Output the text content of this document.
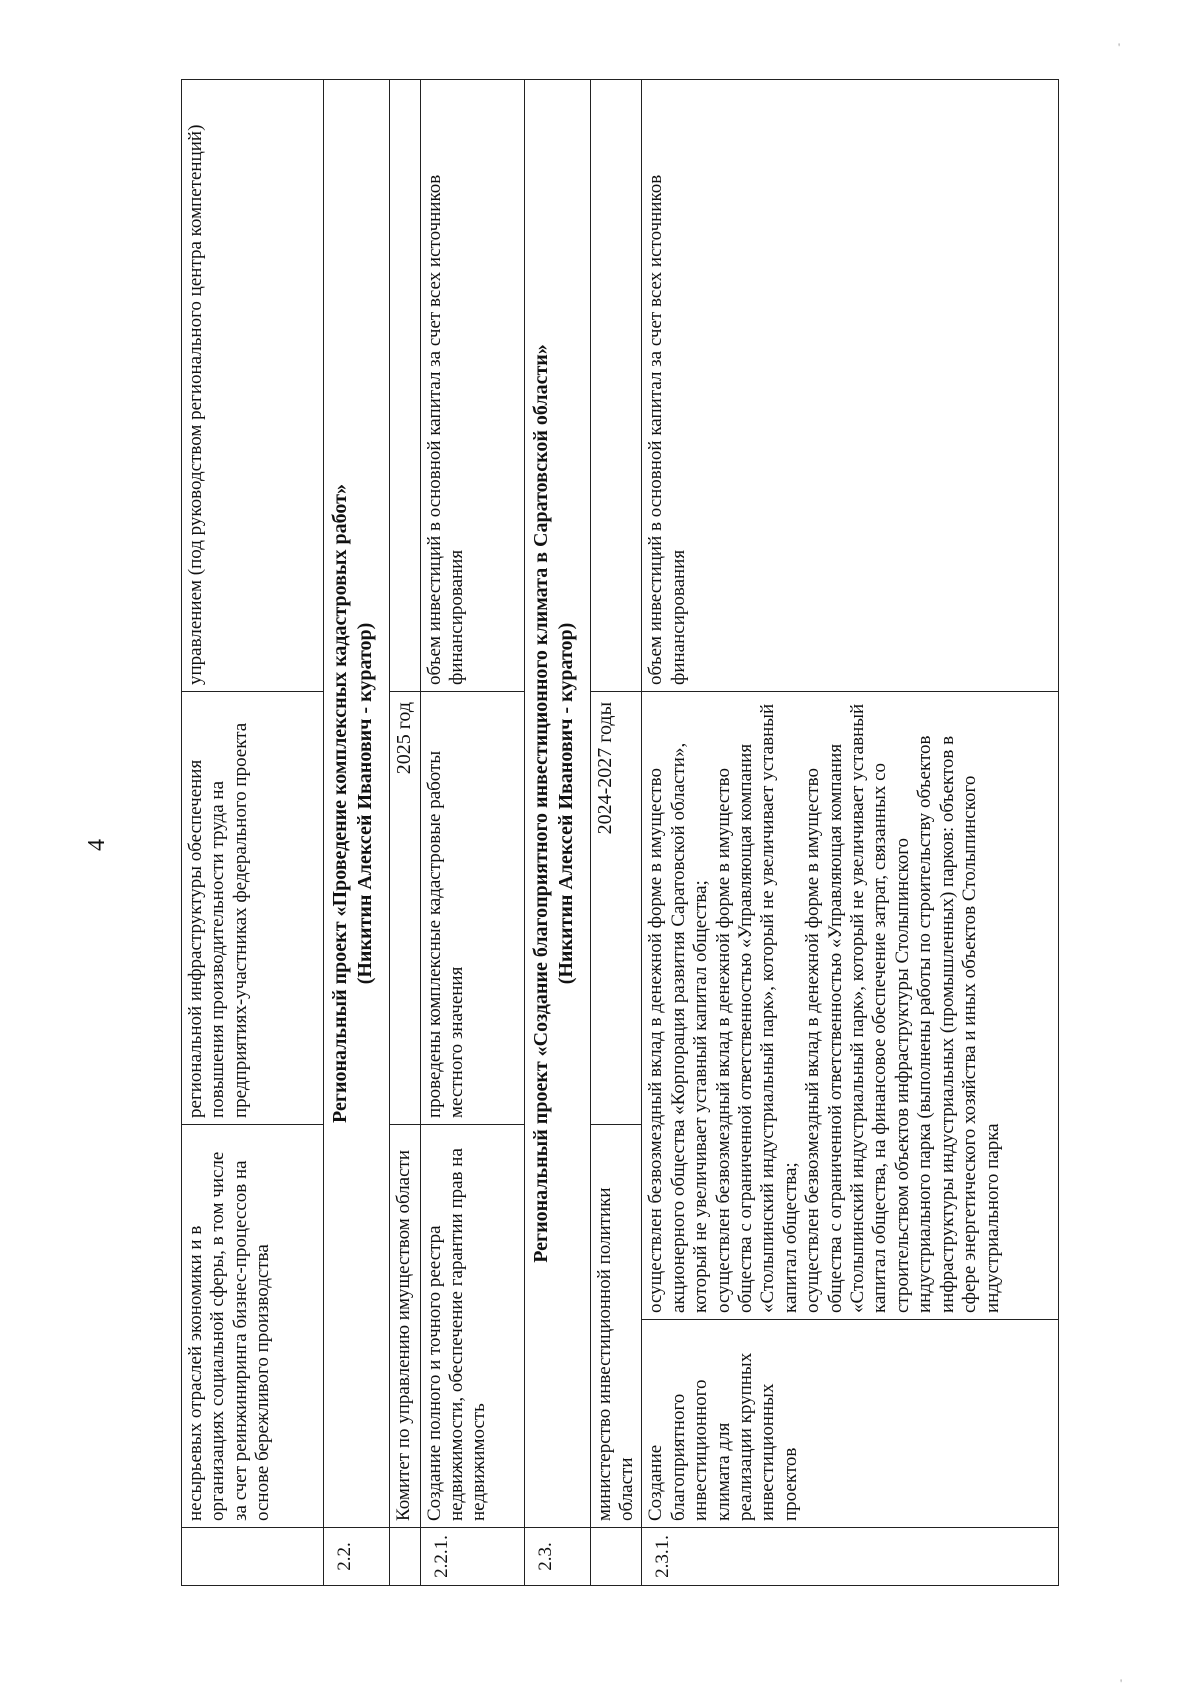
'
'
4
	несырьевых отраслей экономики и в организациях социальной сферы, в том числе за счет реинжиниринга бизнес-процессов на основе бережливого производства		региональной инфраструктуры обеспечения повышения производительности труда на предприятиях-участниках федерального проекта	управлением (под руководством регионального центра компетенций)
2.2.	Региональный проект «Проведение комплексных кадастровых работ» (Никитин Алексей Иванович - куратор)			

	Комитет по управлению имуществом области		2025 год	
2.2.1.	Создание полного и точного реестра недвижимости, обеспечение гарантии прав на недвижимость		проведены комплексные кадастровые работы местного значения	объем инвестиций в основной капитал за счет всех источников финансирования
2.3.	Региональный проект «Создание благоприятного инвестиционного климата в Саратовской области» (Никитин Алексей Иванович - куратор)			

	министерство инвестиционной политики области		2024-2027 годы	
2.3.1.	Создание благоприятного инвестиционного климата для реализации крупных инвестиционных проектов	осуществлен безвозмездный вклад в денежной форме в имущество акционерного общества «Корпорация развития Саратовской области», который не увеличивает уставный капитал общества; осуществлен безвозмездный вклад в денежной форме в имущество общества с ограниченной ответственностью «Управляющая компания «Столыпинский индустриальный парк», который не увеличивает уставный капитал общества; осуществлен безвозмездный вклад в денежной форме в имущество общества с ограниченной ответственностью «Управляющая компания «Столыпинский индустриальный парк», который не увеличивает уставный капитал общества, на финансовое обеспечение затрат, связанных со строительством объектов инфраструктуры Столыпинского индустриального парка (выполнены работы по строительству объектов инфраструктуры индустриальных (промышленных) парков: объектов в сфере энергетического хозяйства и иных объектов Столыпинского индустриального парка		объем инвестиций в основной капитал за счет всех источников финансирования
